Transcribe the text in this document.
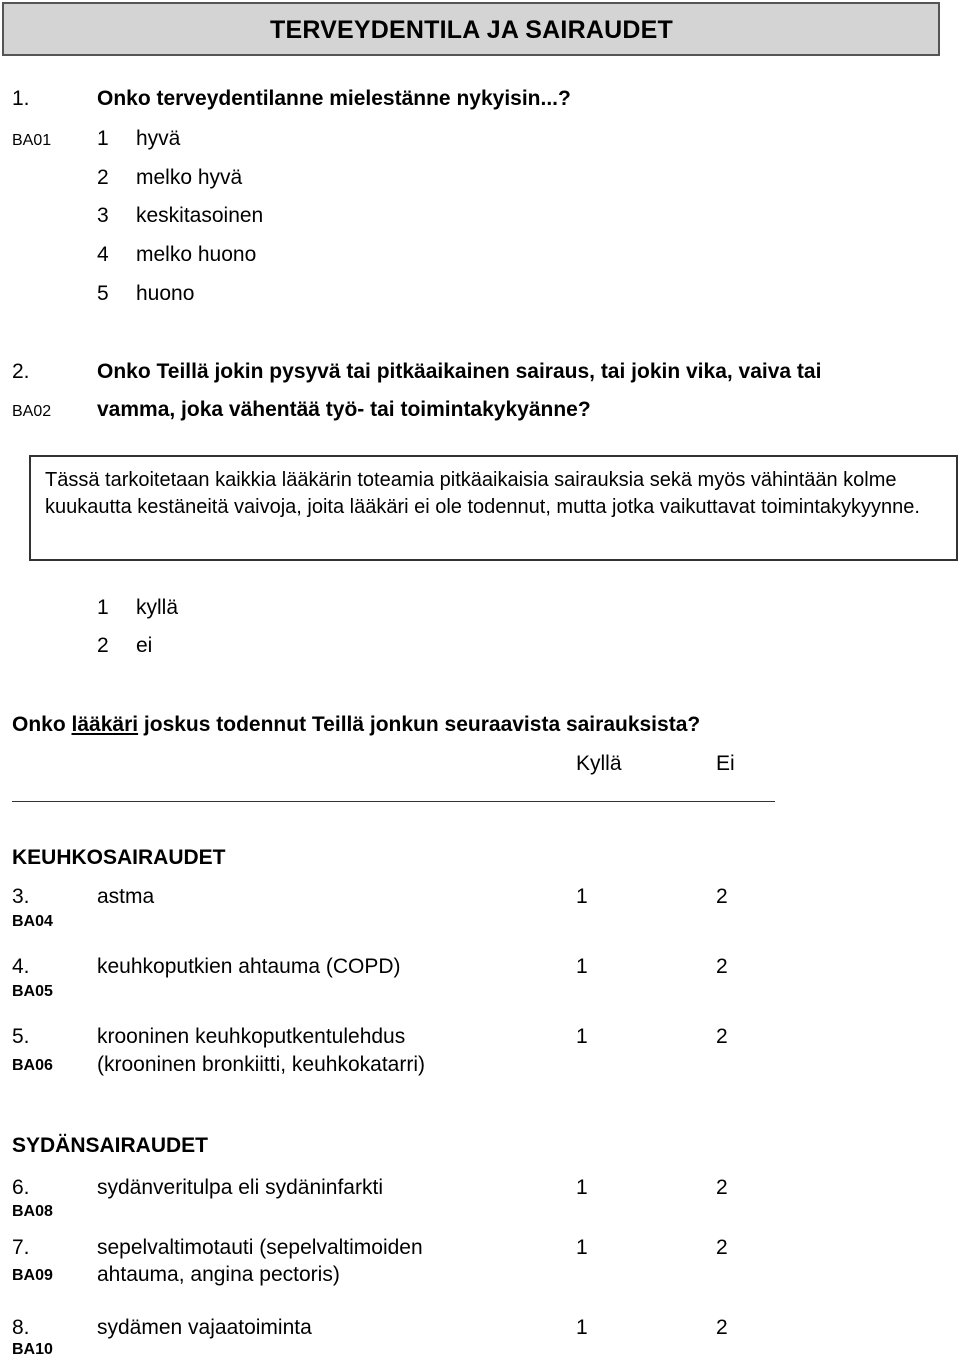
TERVEYDENTILA JA SAIRAUDET
1.	Onko terveydentilanne mielestänne nykyisin...?
BA01 1 hyvä
2 melko hyvä
3 keskitasoinen
4 melko huono
5 huono
2.	Onko Teillä jokin pysyvä tai pitkäaikainen sairaus, tai jokin vika, vaiva tai
BA02 vamma, joka vähentää työ- tai toimintakykyänne?
Tässä tarkoitetaan kaikkia lääkärin toteamia pitkäaikaisia sairauksia sekä myös vähintään kolme kuukautta kestäneitä vaivoja, joita lääkäri ei ole todennut, mutta jotka vaikuttavat toimintakykyynne.
1 kyllä
2 ei
Onko lääkäri joskus todennut Teillä jonkun seuraavista sairauksista?
Kyllä	Ei
KEUHKOSAIRAUDET
3.	astma	1	2
BA04
4.	keuhkoputkien ahtauma (COPD)	1	2
BA05
5.	krooninen keuhkoputkentulehdus	1	2
BA06 (krooninen bronkiitti, keuhkokatarri)
SYDÄNSAIRAUDET
6.	sydänveritulpa eli sydäninfarkti	1	2
BA08
7.	sepelvaltimotauti (sepelvaltimoiden	1	2
BA09 ahtauma, angina pectoris)
8.	sydämen vajaatoiminta	1	2
BA10
